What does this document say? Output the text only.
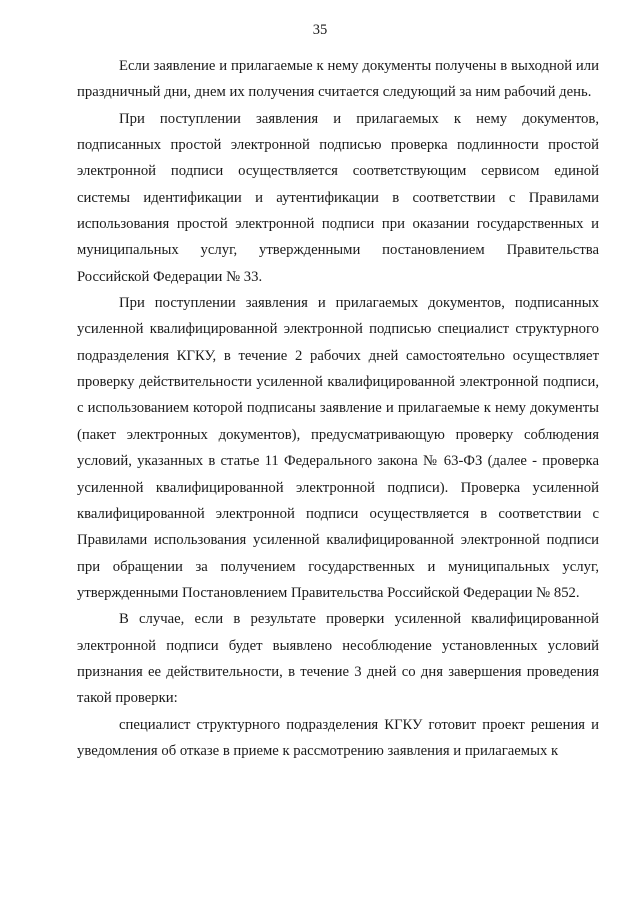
35

Если заявление и прилагаемые к нему документы получены в выходной или праздничный дни, днем их получения считается следующий за ним рабочий день.

При поступлении заявления и прилагаемых к нему документов, подписанных простой электронной подписью проверка подлинности простой электронной подписи осуществляется соответствующим сервисом единой системы идентификации и аутентификации в соответствии с Правилами использования простой электронной подписи при оказании государственных и муниципальных услуг, утвержденными постановлением Правительства Российской Федерации № 33.

При поступлении заявления и прилагаемых документов, подписанных усиленной квалифицированной электронной подписью специалист структурного подразделения КГКУ, в течение 2 рабочих дней самостоятельно осуществляет проверку действительности усиленной квалифицированной электронной подписи, с использованием которой подписаны заявление и прилагаемые к нему документы (пакет электронных документов), предусматривающую проверку соблюдения условий, указанных в статье 11 Федерального закона № 63-ФЗ (далее - проверка усиленной квалифицированной электронной подписи). Проверка усиленной квалифицированной электронной подписи осуществляется в соответствии с Правилами использования усиленной квалифицированной электронной подписи при обращении за получением государственных и муниципальных услуг, утвержденными Постановлением Правительства Российской Федерации № 852.

В случае, если в результате проверки усиленной квалифицированной электронной подписи будет выявлено несоблюдение установленных условий признания ее действительности, в течение 3 дней со дня завершения проведения такой проверки:

специалист структурного подразделения КГКУ готовит проект решения и уведомления об отказе в приеме к рассмотрению заявления и прилагаемых к
